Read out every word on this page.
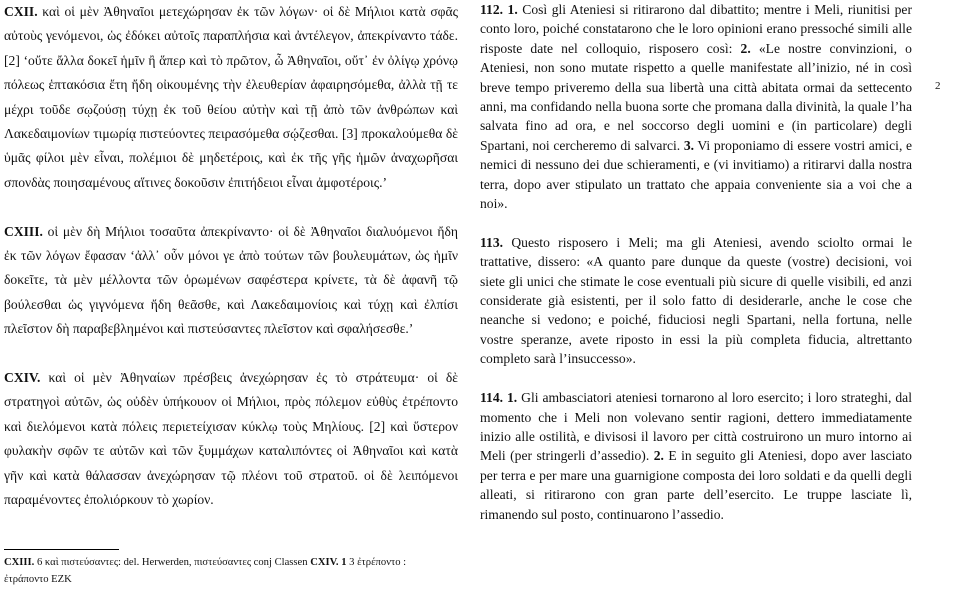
CXII. καὶ οἱ μὲν Ἀθηναῖοι μετεχώρησαν ἐκ τῶν λόγων· οἱ δὲ Μήλιοι κατὰ σφᾶς αὐτοὺς γενόμενοι, ὡς ἐδόκει αὐτοῖς παραπλήσια καὶ ἀντέλεγον, ἀπεκρίναντο τάδε. [2] ‘οὔτε ἄλλα δοκεῖ ἡμῖν ἢ ἅπερ καὶ τὸ πρῶτον, ὦ Ἀθηναῖοι, οὔτ᾽ ἐν ὀλίγῳ χρόνῳ πόλεως ἑπτακόσια ἔτη ἤδη οἰκουμένης τὴν ἐλευθερίαν ἀφαιρησόμεθα, ἀλλὰ τῇ τε μέχρι τοῦδε σῳζούσῃ τύχῃ ἐκ τοῦ θείου αὐτὴν καὶ τῇ ἀπὸ τῶν ἀνθρώπων καὶ Λακεδαιμονίων τιμωρίᾳ πιστεύοντες πειρασόμεθα σῴζεσθαι. [3] προκαλούμεθα δὲ ὑμᾶς φίλοι μὲν εἶναι, πολέμιοι δὲ μηδετέροις, καὶ ἐκ τῆς γῆς ἡμῶν ἀναχωρῆσαι σπονδὰς ποιησαμένους αἵτινες δοκοῦσιν ἐπιτήδειοι εἶναι ἀμφοτέροις.’

CXIII. οἱ μὲν δὴ Μήλιοι τοσαῦτα ἀπεκρίναντο· οἱ δὲ Ἀθηναῖοι διαλυόμενοι ἤδη ἐκ τῶν λόγων ἔφασαν ‘ἀλλ᾽ οὖν μόνοι γε ἀπὸ τούτων τῶν βουλευμάτων, ὡς ἡμῖν δοκεῖτε, τὰ μὲν μέλλοντα τῶν ὁρωμένων σαφέστερα κρίνετε, τὰ δὲ ἀφανῆ τῷ βούλεσθαι ὡς γιγνόμενα ἤδη θεᾶσθε, καὶ Λακεδαιμονίοις καὶ τύχῃ καὶ ἐλπίσι πλεῖστον δὴ παραβεβλημένοι καὶ πιστεύσαντες πλεῖστον καὶ σφαλήσεσθε.’

CXIV. καὶ οἱ μὲν Ἀθηναίων πρέσβεις ἀνεχώρησαν ἐς τὸ στράτευμα· οἱ δὲ στρατηγοὶ αὐτῶν, ὡς οὐδὲν ὑπήκουον οἱ Μήλιοι, πρὸς πόλεμον εὐθὺς ἐτρέποντο καὶ διελόμενοι κατὰ πόλεις περιετείχισαν κύκλῳ τοὺς Μηλίους. [2] καὶ ὕστερον φυλακὴν σφῶν τε αὐτῶν καὶ τῶν ξυμμάχων καταλιπόντες οἱ Ἀθηναῖοι καὶ κατὰ γῆν καὶ κατὰ θάλασσαν ἀνεχώρησαν τῷ πλέονι τοῦ στρατοῦ. οἱ δὲ λειπόμενοι παραμένοντες ἐπολιόρκουν τὸ χωρίον.

112. 1. Così gli Ateniesi si ritirarono dal dibattito; mentre i Meli, riunitisi per conto loro, poiché constatarono che le loro opinioni erano pressoché simili alle risposte date nel colloquio, risposero così: 2. «Le nostre convinzioni, o Ateniesi, non sono mutate rispetto a quelle manifestate all’inizio, né in così breve tempo priveremo della sua libertà una città abitata ormai da settecento anni, ma confidando nella buona sorte che promana dalla divinità, la quale l’ha salvata fino ad ora, e nel soccorso degli uomini e (in particolare) degli Spartani, noi cercheremo di salvarci. 3. Vi proponiamo di essere vostri amici, e nemici di nessuno dei due schieramenti, e (vi invitiamo) a ritirarvi dalla nostra terra, dopo aver stipulato un trattato che appaia conveniente sia a voi che a noi».

113. Questo risposero i Meli; ma gli Ateniesi, avendo sciolto ormai le trattative, dissero: «A quanto pare dunque da queste (vostre) decisioni, voi siete gli unici che stimate le cose eventuali più sicure di quelle visibili, ed anzi considerate già esistenti, per il solo fatto di desiderarle, anche le cose che neanche si vedono; e poiché, fiduciosi negli Spartani, nella fortuna, nelle vostre speranze, avete riposto in essi la più completa fiducia, altrettanto completo sarà l’insuccesso».

114. 1. Gli ambasciatori ateniesi tornarono al loro esercito; i loro strateghi, dal momento che i Meli non volevano sentir ragioni, dettero immediatamente inizio alle ostilità, e divisosi il lavoro per città costruirono un muro intorno ai Meli (per stringerli d’assedio). 2. E in seguito gli Ateniesi, dopo aver lasciato per terra e per mare una guarnigione composta dei loro soldati e da quelli degli alleati, si ritirarono con gran parte dell’esercito. Le truppe lasciate lì, rimanendo sul posto, continuarono l’assedio.

2
CXIII. 6 καὶ πιστεύσαντες: del. Herwerden, πιστεύσαντες conj Classen CXIV. 1 3 ἐτρέποντο : ἐτράποντο EZK
